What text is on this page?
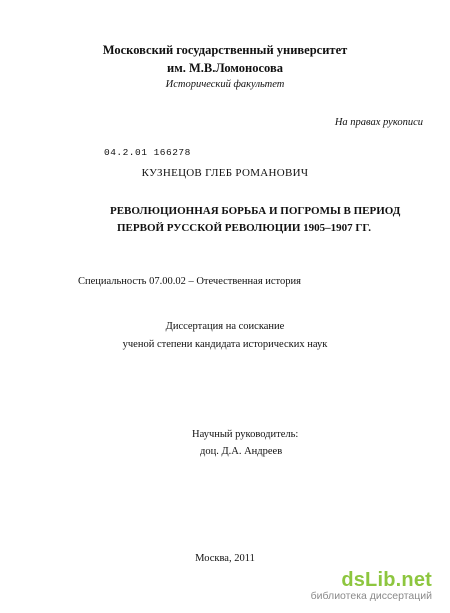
Московский государственный университет
им. М.В.Ломоносова
Исторический факультет
На правах рукописи
04.2.01 166278
КУЗНЕЦОВ ГЛЕБ РОМАНОВИЧ
РЕВОЛЮЦИОННАЯ БОРЬБА И ПОГРОМЫ В ПЕРИОД
ПЕРВОЙ РУССКОЙ РЕВОЛЮЦИИ 1905–1907 ГГ.
Специальность 07.00.02 – Отечественная история
Диссертация на соискание
ученой степени кандидата исторических наук
Научный руководитель:
доц. Д.А. Андреев
Москва, 2011
dsLib.net
библиотека диссертаций
